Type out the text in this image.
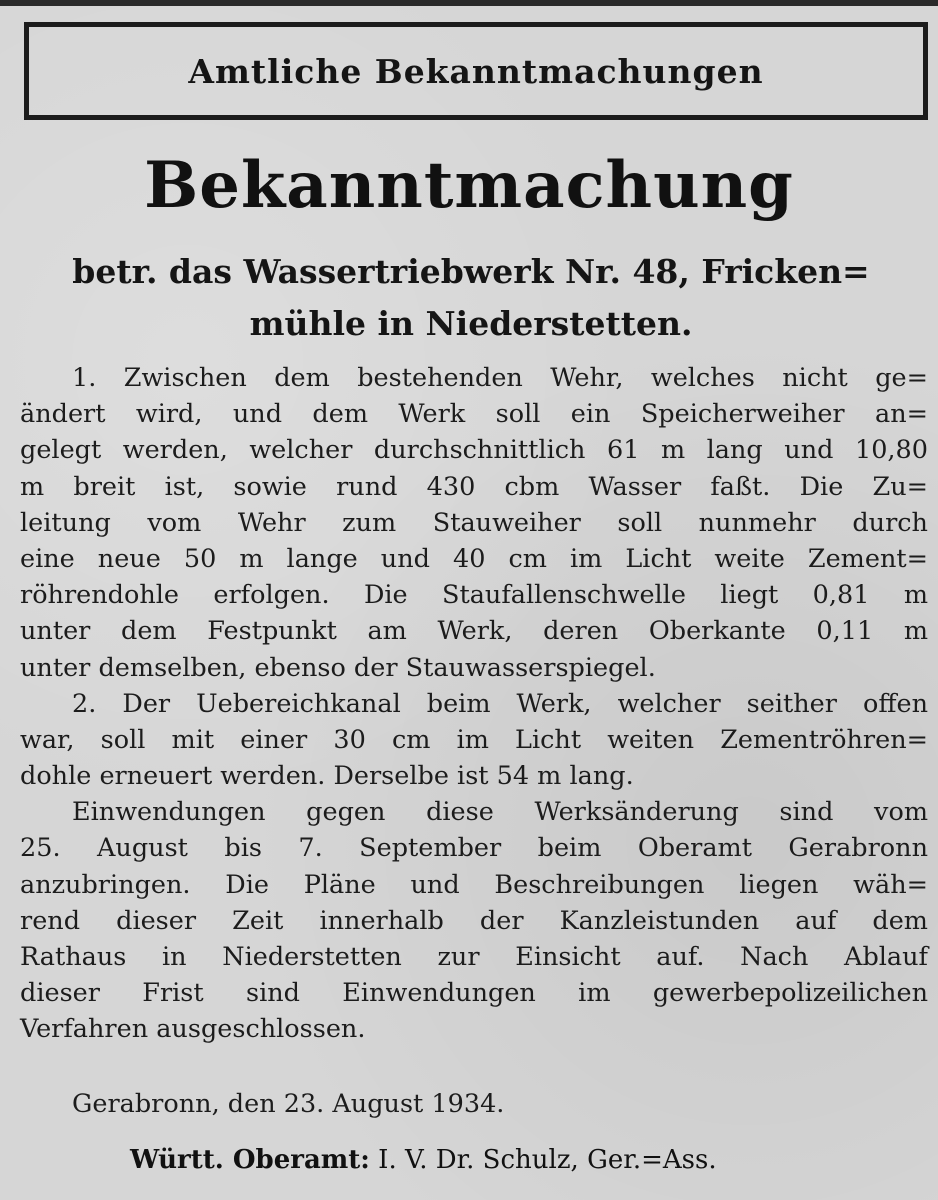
Amtliche Bekanntmachungen
Bekanntmachung
betr. das Wassertriebwerk Nr. 48, Fricken=
mühle in Niederstetten.
1. Zwischen dem bestehenden Wehr, welches nicht ge=
ändert wird, und dem Werk soll ein Speicherweiher an=
gelegt werden, welcher durchschnittlich 61 m lang und 10,80
m breit ist, sowie rund 430 cbm Wasser faßt. Die Zu=
leitung vom Wehr zum Stauweiher soll nunmehr durch
eine neue 50 m lange und 40 cm im Licht weite Zement=
röhrendohle erfolgen. Die Staufallenschwelle liegt 0,81 m
unter dem Festpunkt am Werk, deren Oberkante 0,11 m
unter demselben, ebenso der Stauwasserspiegel.
2. Der Uebereichkanal beim Werk, welcher seither offen
war, soll mit einer 30 cm im Licht weiten Zementröhren=
dohle erneuert werden. Derselbe ist 54 m lang.
Einwendungen gegen diese Werksänderung sind vom
25. August bis 7. September beim Oberamt Gerabronn
anzubringen. Die Pläne und Beschreibungen liegen wäh=
rend dieser Zeit innerhalb der Kanzleistunden auf dem
Rathaus in Niederstetten zur Einsicht auf. Nach Ablauf
dieser Frist sind Einwendungen im gewerbepolizeilichen
Verfahren ausgeschlossen.
Gerabronn, den 23. August 1934.
Württ. Oberamt: I. V. Dr. Schulz, Ger.=Ass.
